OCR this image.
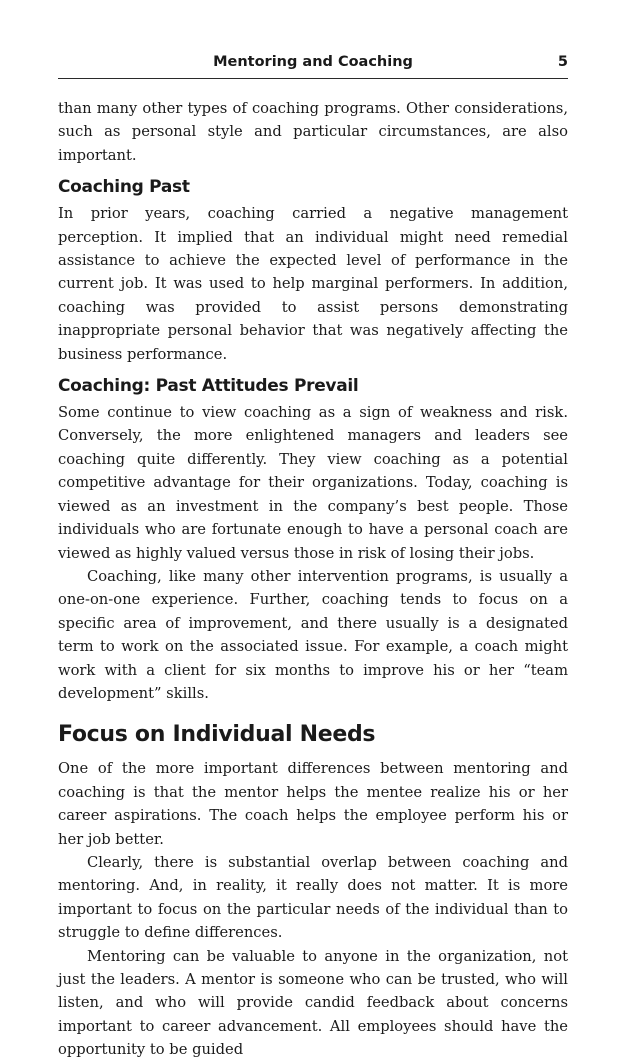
Mentoring and Coaching	5

than many other types of coaching programs. Other considerations, such as personal style and particular circumstances, are also important.

Coaching Past

In prior years, coaching carried a negative management perception. It implied that an individual might need remedial assistance to achieve the expected level of performance in the current job. It was used to help marginal performers. In addition, coaching was provided to assist persons demonstrating inappropriate personal behavior that was negatively affecting the business performance.

Coaching: Past Attitudes Prevail

Some continue to view coaching as a sign of weakness and risk. Conversely, the more enlightened managers and leaders see coaching quite differently. They view coaching as a potential competitive advantage for their organizations. Today, coaching is viewed as an investment in the company’s best people. Those individuals who are fortunate enough to have a personal coach are viewed as highly valued versus those in risk of losing their jobs.

Coaching, like many other intervention programs, is usually a one-on-one experience. Further, coaching tends to focus on a specific area of improvement, and there usually is a designated term to work on the associated issue. For example, a coach might work with a client for six months to improve his or her “team development” skills.

Focus on Individual Needs

One of the more important differences between mentoring and coaching is that the mentor helps the mentee realize his or her career aspirations. The coach helps the employee perform his or her job better.

Clearly, there is substantial overlap between coaching and mentoring. And, in reality, it really does not matter. It is more important to focus on the particular needs of the individual than to struggle to define differences.

Mentoring can be valuable to anyone in the organization, not just the leaders. A mentor is someone who can be trusted, who will listen, and who will provide candid feedback about concerns important to career advancement. All employees should have the opportunity to be guided
